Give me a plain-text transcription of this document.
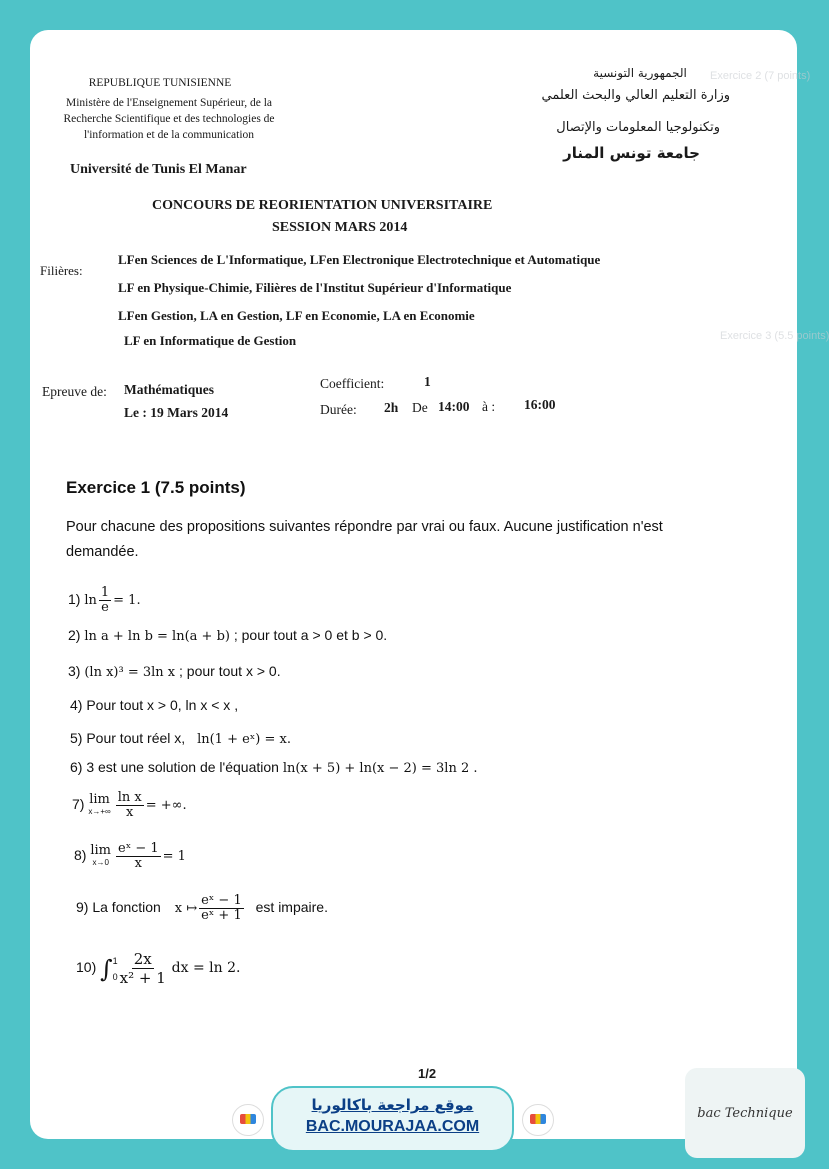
Exercice 2 (7 points)
Exercice 3 (5.5 points)
REPUBLIQUE TUNISIENNE
Ministère de l'Enseignement Supérieur, de la
Recherche Scientifique et des technologies de
l'information et de la communication
Université de Tunis El Manar
الجمهورية التونسية
وزارة التعليم العالي والبحث العلمي
وتكنولوجيا المعلومات والإتصال
جامعة تونس المنار
CONCOURS DE REORIENTATION UNIVERSITAIRE
SESSION MARS 2014
Filières:
LFen Sciences de L'Informatique, LFen Electronique Electrotechnique et Automatique
LF en Physique-Chimie, Filières de l'Institut Supérieur d'Informatique
LFen Gestion, LA en Gestion, LF en Economie, LA en Economie
LF en Informatique de Gestion
Epreuve de: Mathématiques
Le : 19 Mars 2014
Coefficient:	1
Durée: 2h De 14:00 à : 16:00
Exercice 1 (7.5 points)
Pour chacune des propositions suivantes répondre par vrai ou faux. Aucune justification n'est
demandée.
1) $\ln \frac{1}{e} = 1$.
2) ln a + ln b = ln(a + b) ; pour tout a > 0 et b > 0.
3) (ln x)³ = 3ln x ; pour tout x > 0.
4) Pour tout x > 0, ln x < x ,
5) Pour tout réel x, ln(1 + eˣ) = x.
6) 3 est une solution de l'équation ln(x + 5) + ln(x − 2) = 3ln 2 .
7) lim
$x\to+\infty \frac{\text{ln x}}{x}$ = +∞.
8) lim
$x\to 0 \frac{\text{eˣ − 1}}{x} = 1$
9) La fonction x ↦ $\frac{\text{eˣ − 1}}{\text{eˣ + 1}}$ est impaire.
10) ∫ 1
$0 \frac{2x}{\text{x² + 1}}$ dx = ln 2.
1/2
موقع مراجعة باكالوريا
BAC.MOURAJAA.COM
bac Technique
